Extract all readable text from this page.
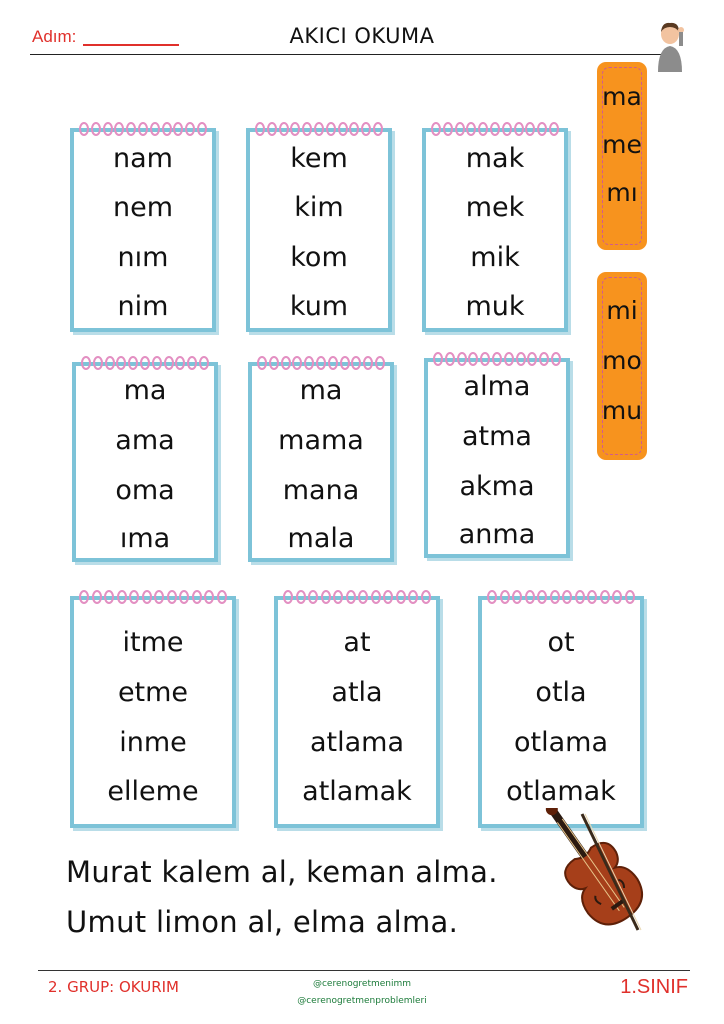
Adım:	AKICI OKUMA
nam
nem
nım
nim
kem
kim
kom
kum
mak
mek
mik
muk
ma
ama
oma
ıma
ma
mama
mana
mala
alma
atma
akma
anma
itme
etme
inme
elleme
at
atla
atlama
atlamak
ot
otla
otlama
otlamak
ma
me
mı
mi
mo
mu
Murat kalem al, keman alma.
Umut limon al, elma alma.
2. GRUP: OKURIM	@cerenogretmenimm
@cerenogretmenproblemleri
1.SINIF
